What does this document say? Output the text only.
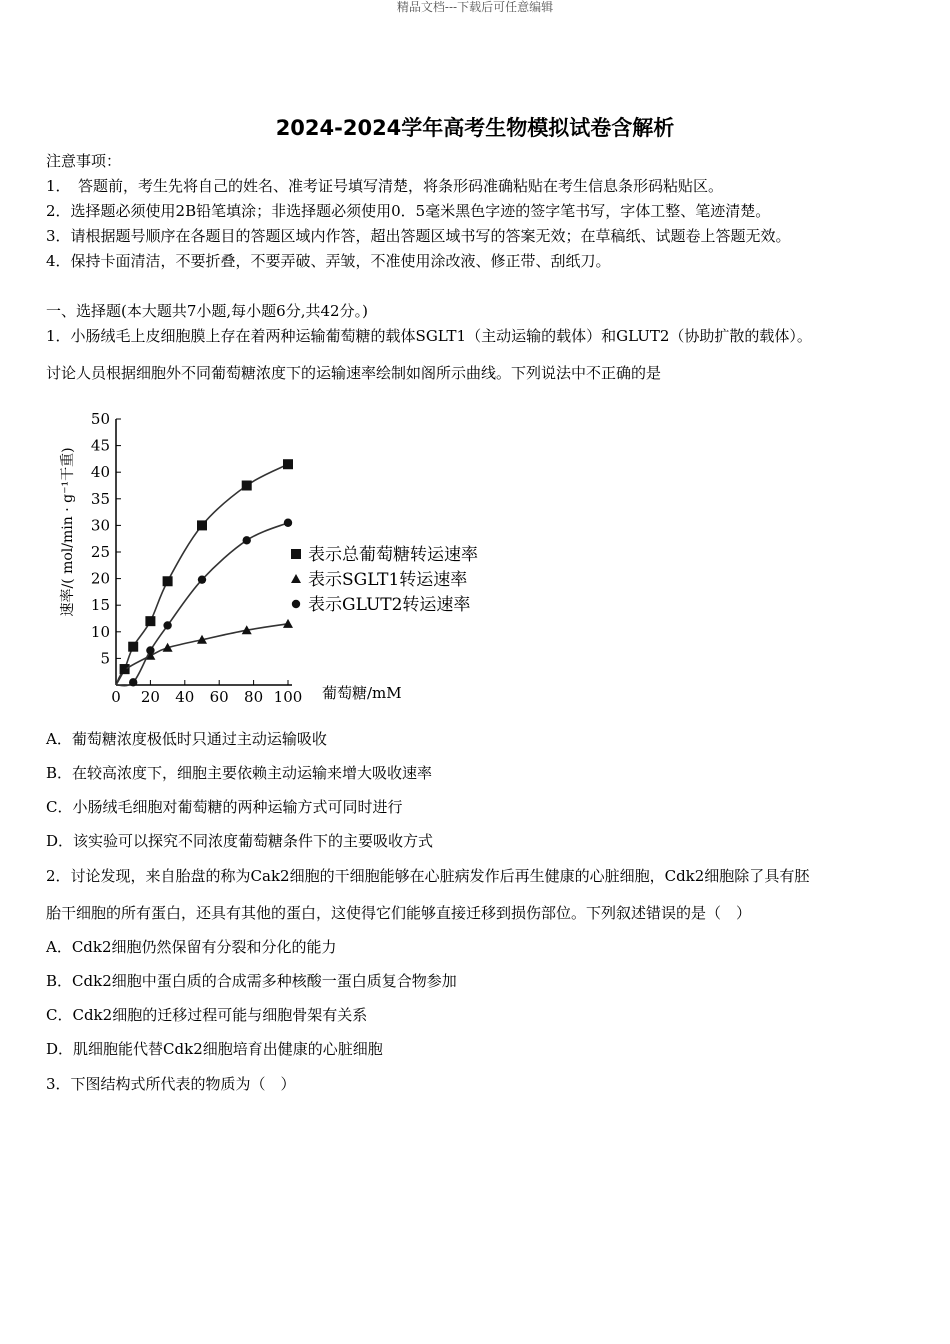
精品文档---下载后可任意编辑
2024-2024学年高考生物模拟试卷含解析
注意事项：
1．　答题前，考生先将自己的姓名、准考证号填写清楚，将条形码准确粘贴在考生信息条形码粘贴区。
2．选择题必须使用2B铅笔填涂；非选择题必须使用0．5毫米黑色字迹的签字笔书写，字体工整、笔迹清楚。
3．请根据题号顺序在各题目的答题区域内作答，超出答题区域书写的答案无效；在草稿纸、试题卷上答题无效。
4．保持卡面清洁，不要折叠，不要弄破、弄皱，不准使用涂改液、修正带、刮纸刀。
一、选择题(本大题共7小题,每小题6分,共42分。)
1．小肠绒毛上皮细胞膜上存在着两种运输葡萄糖的载体SGLT1（主动运输的载体）和GLUT2（协助扩散的载体）。
讨论人员根据细胞外不同葡萄糖浓度下的运输速率绘制如阁所示曲线。下列说法中不正确的是
5
10
15
20
25
30
35
40
45
50
0 20 40 60 80 100 葡萄糖/mM
速率/( mol/min · g⁻¹干重)	表示总葡萄糖转运速率
表示SGLT1转运速率
表示GLUT2转运速率
A．葡萄糖浓度极低时只通过主动运输吸收
B．在较高浓度下，细胞主要依赖主动运输来增大吸收速率
C．小肠绒毛细胞对葡萄糖的两种运输方式可同时进行
D．该实验可以探究不同浓度葡萄糖条件下的主要吸收方式
2．讨论发现，来自胎盘的称为Cak2细胞的干细胞能够在心脏病发作后再生健康的心脏细胞，Cdk2细胞除了具有胚
胎干细胞的所有蛋白，还具有其他的蛋白，这使得它们能够直接迁移到损伤部位。下列叙述错误的是（　）
A．Cdk2细胞仍然保留有分裂和分化的能力
B．Cdk2细胞中蛋白质的合成需多种核酸一蛋白质复合物参加
C．Cdk2细胞的迁移过程可能与细胞骨架有关系
D．肌细胞能代替Cdk2细胞培育出健康的心脏细胞
3．下图结构式所代表的物质为（　）
